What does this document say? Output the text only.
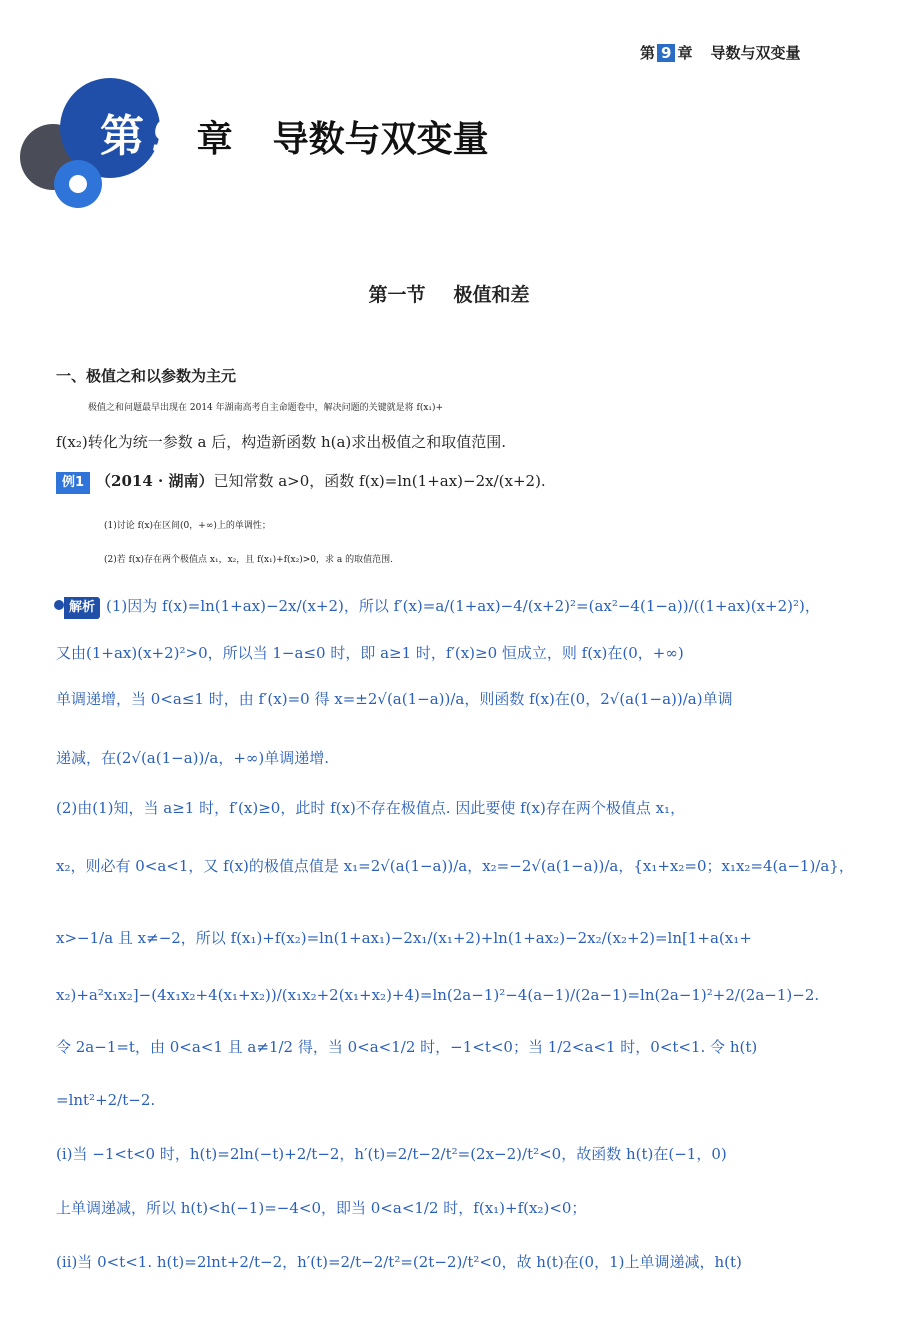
第 9 章 导数与双变量
第 9 章 导数与双变量
第一节 极值和差
一、极值之和以参数为主元
极值之和问题最早出现在 2014 年湖南高考自主命题卷中，解决问题的关键就是将 f(x₁)+
f(x₂)转化为统一参数 a 后，构造新函数 h(a)求出极值之和取值范围.
例1 （2014 · 湖南）已知常数 a>0，函数 f(x)=ln(1+ax)−2x/(x+2).
(1)讨论 f(x)在区间(0，+∞)上的单调性；
(2)若 f(x)存在两个极值点 x₁，x₂，且 f(x₁)+f(x₂)>0，求 a 的取值范围.
解析 (1)因为 f(x)=ln(1+ax)−2x/(x+2)，所以 f′(x)=a/(1+ax)−4/(x+2)²=(ax²−4(1−a))/((1+ax)(x+2)²)，
又由(1+ax)(x+2)²>0，所以当 1−a≤0 时，即 a≥1 时，f′(x)≥0 恒成立，则 f(x)在(0，+∞)
单调递增，当 0<a≤1 时，由 f′(x)=0 得 x=±2√(a(1−a))/a，则函数 f(x)在(0，2√(a(1−a))/a)单调
递减，在(2√(a(1−a))/a，+∞)单调递增.
(2)由(1)知，当 a≥1 时，f′(x)≥0，此时 f(x)不存在极值点. 因此要使 f(x)存在两个极值点 x₁，
x₂，则必有 0<a<1，又 f(x)的极值点值是 x₁=2√(a(1−a))/a，x₂=−2√(a(1−a))/a，{x₁+x₂=0；x₁x₂=4(a−1)/a}，
x>−1/a 且 x≠−2，所以 f(x₁)+f(x₂)=ln(1+ax₁)−2x₁/(x₁+2)+ln(1+ax₂)−2x₂/(x₂+2)=ln[1+a(x₁+
x₂)+a²x₁x₂]−(4x₁x₂+4(x₁+x₂))/(x₁x₂+2(x₁+x₂)+4)=ln(2a−1)²−4(a−1)/(2a−1)=ln(2a−1)²+2/(2a−1)−2.
令 2a−1=t，由 0<a<1 且 a≠1/2 得，当 0<a<1/2 时，−1<t<0；当 1/2<a<1 时，0<t<1. 令 h(t)
=lnt²+2/t−2.
(ⅰ)当 −1<t<0 时，h(t)=2ln(−t)+2/t−2，h′(t)=2/t−2/t²=(2x−2)/t²<0，故函数 h(t)在(−1，0)
上单调递减，所以 h(t)<h(−1)=−4<0，即当 0<a<1/2 时，f(x₁)+f(x₂)<0；
(ⅱ)当 0<t<1. h(t)=2lnt+2/t−2，h′(t)=2/t−2/t²=(2t−2)/t²<0，故 h(t)在(0，1)上单调递减，h(t)
